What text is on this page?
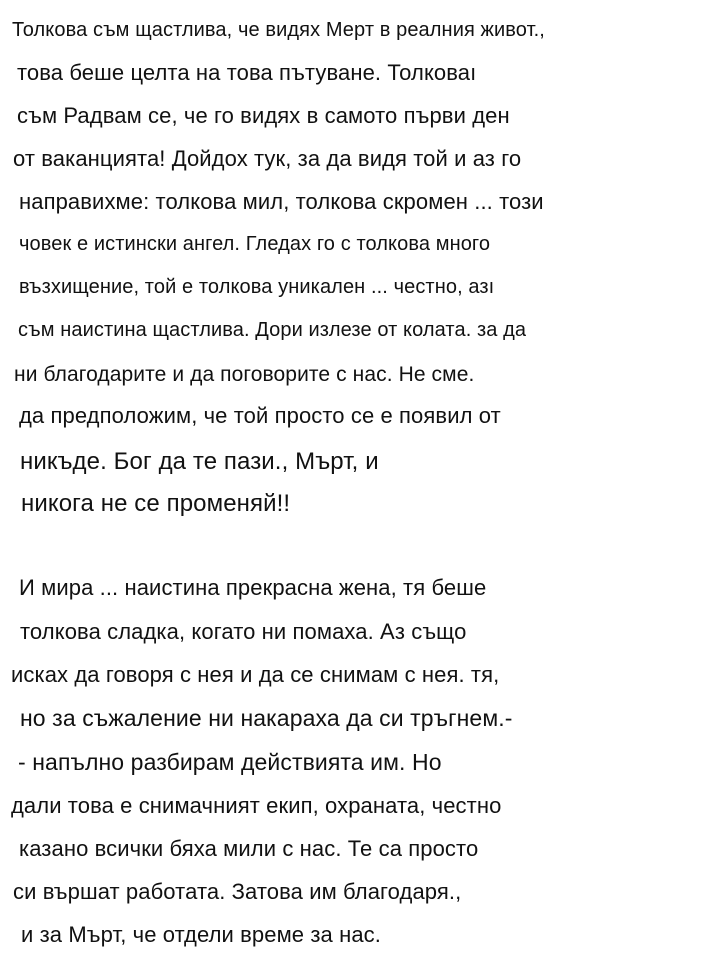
Толкова съм щастлива, че видях Мерт в реалния живот.,
това беше целта на това пътуване. Толковаı
съм Радвам се, че го видях в самото първи ден
от ваканцията! Дойдох тук, за да видя той и аз го
направихме: толкова мил, толкова скромен ... този
човек е истински ангел. Гледах го с толкова много
възхищение, той е толкова уникален ... честно, азı
съм наистина щастлива. Дори излезе от колата. за да
ни благодарите и да поговорите с нас. Не сме.
да предположим, че той просто се е появил от
никъде. Бог да те пази., Мърт, и
никога не се променяй!!
И мира ... наистина прекрасна жена, тя беше
толкова сладка, когато ни помаха. Аз също
исках да говоря с нея и да се снимам с нея. тя,
но за съжаление ни накараха да си тръгнем.-
- напълно разбирам действията им. Но
дали това е снимачният екип, охраната, честно
казано всички бяха мили с нас. Те са просто
си вършат работата. Затова им благодаря.,
и за Мърт, че отдели време за нас.
